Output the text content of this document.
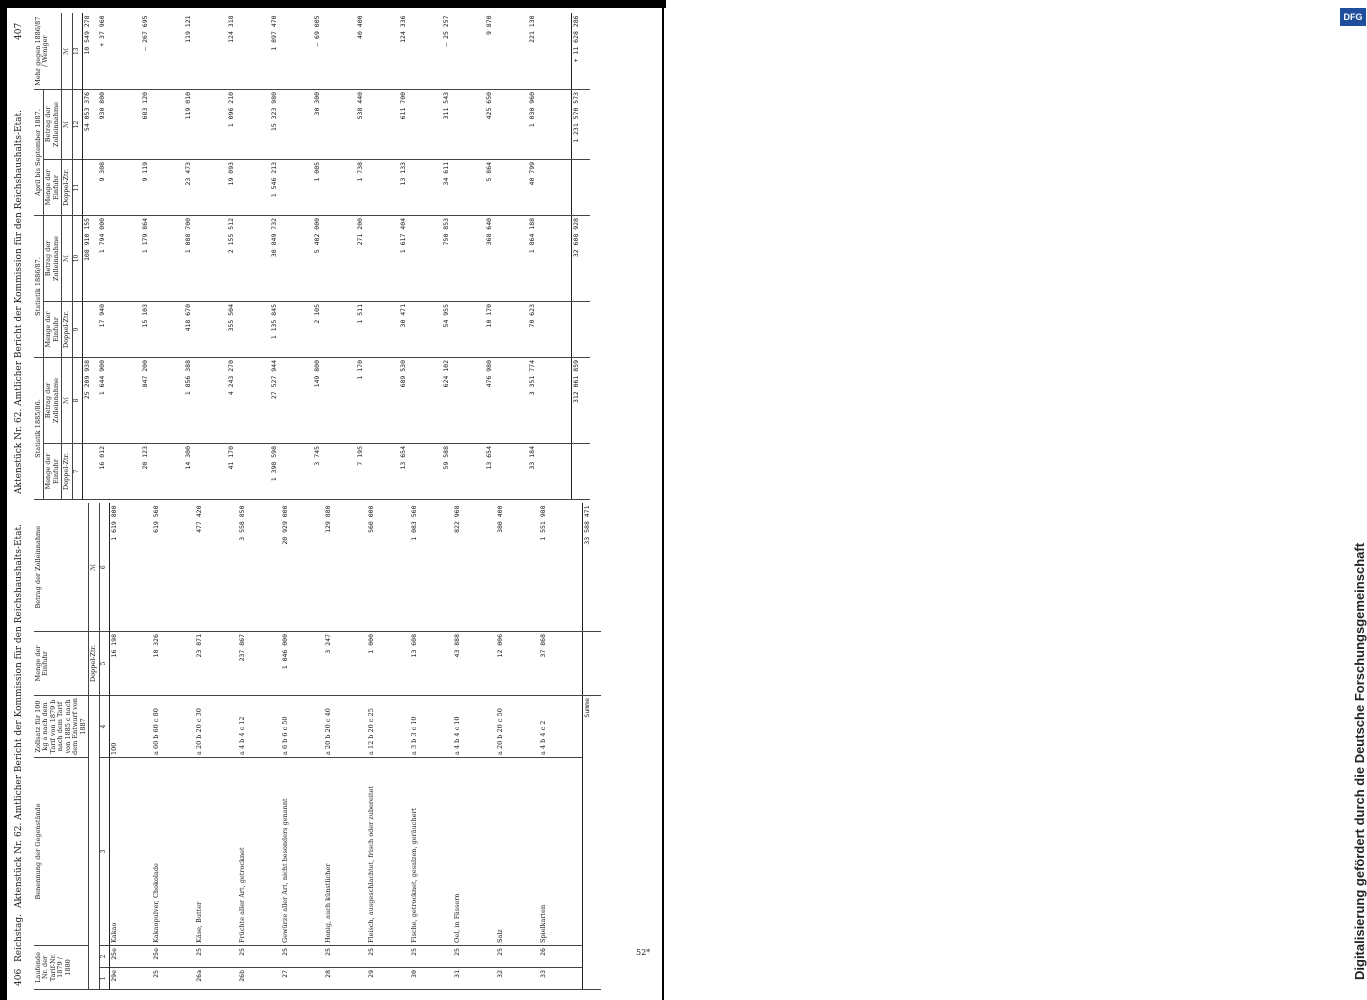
406
Reichstag.
Aktenstück Nr. 62. Amtlicher Bericht der Kommission für den Reichshaushalts-Etat.
Laufende Nr. der Tarif-Nr. 1879 / 1880		Benennung der Gegenstände	Zollsatz für 100 kg a nach dem Tarif von 1879 b nach dem Tarif von 1885 c nach dem Entwurf von 1887	Menge der Einfuhr	Betrag der Zolleinnahme
				Doppel-Ztr.	ℳ
1	2	3	4	5	6
29e	25e	Kakao	100	16 198	1 619 800
25	25e	Kakaopulver, Chokolade	a 60 b 60 c 80	10 326	619 560
26a	25	Käse, Butter	a 20 b 20 c 30	23 871	477 420
26b	25	Früchte aller Art, getrocknet	a 4 b 4 c 12	237 867	3 558 850
27	25	Gewürze aller Art, nicht besonders genannt	a 6 b 6 c 50	1 046 000	20 929 000
28	25	Honig, auch künstlicher	a 20 b 20 c 40	3 247	129 880
29	25	Fleisch, ausgeschlachtet, frisch oder zubereitet	a 12 b 20 c 25	1 000	560 000
30	25	Fische, getrocknet, gesalzen, geräuchert	a 3 b 3 c 10	13 608	1 083 560
31	25	Oel, in Fässern	a 4 b 4 c 10	43 888	822 968
32	25	Salz	a 20 b 20 c 50	12 006	380 400
33	26	Spielkarten	a 4 b 4 c 2	37 868	1 551 988
Summe					33 588 471
Aktenstück Nr. 62. Amtlicher Bericht der Kommission für den Reichshaushalts-Etat.
407
Statistik 1885/86.		Statistik 1886/87.		April bis September 1887.		Mehr gegen 1886/87 / Weniger
Menge der Einfuhr	Betrag der Zolleinnahme	Menge der Einfuhr	Betrag der Zolleinnahme	Menge der Einfuhr	Betrag der Zolleinnahme	
Doppel-Ztr.	ℳ	Doppel-Ztr.	ℳ	Doppel-Ztr.	ℳ	ℳ
7	8	9	10	11	12	13
	25 209 938		108 910 155		54 053 376	10 549 278
16 012	1 644 900	17 940	1 794 000	9 308	930 800	+ 37 960
20 123	847 200	15 103	1 179 864	9 119	683 120	– 267 695
14 300	1 856 388	418 670	1 088 700	23 473	119 010	119 121
41 170	4 243 270	355 504	2 155 512	19 093	1 096 210	124 318
1 398 598	27 527 944	1 135 845	30 849 732	1 546 213	15 323 980	1 897 470
3 745	149 800	2 105	5 402 000	1 005	30 300	– 69 005
7 195	1 170	1 511	271 200	1 738	538 440	40 400
13 654	689 530	30 471	1 617 404	13 133	611 700	124 336
59 588	624 102	54 955	750 853	34 611	311 543	– 25 257
13 654	476 980	10 170	368 640	5 864	425 650	9 870
33 184	3 351 774	70 623	1 864 188	40 799	1 030 960	221 130
	312 061 859		32 608 928		1 231 570 573	+ 11 628 286
52*
DFG
Digitalisierung gefördert durch die Deutsche Forschungsgemeinschaft
